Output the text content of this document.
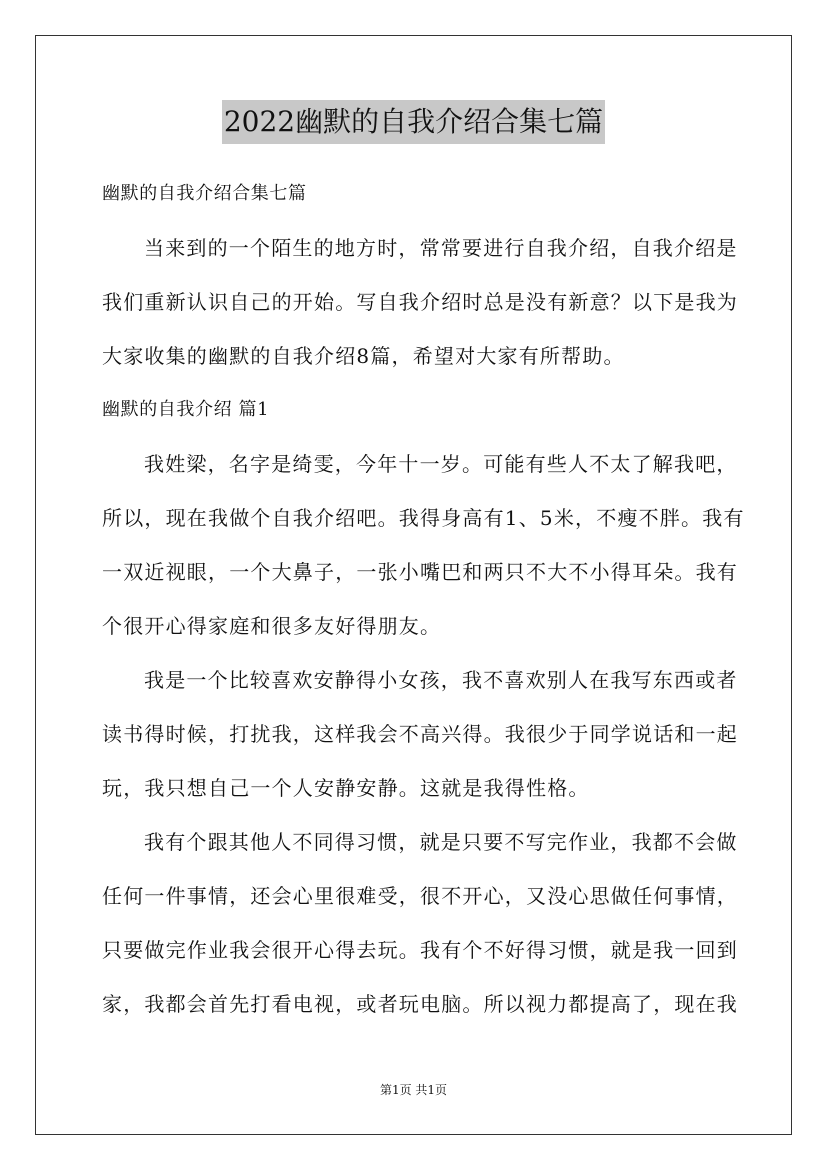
2022幽默的自我介绍合集七篇
幽默的自我介绍合集七篇
当来到的一个陌生的地方时，常常要进行自我介绍，自我介绍是
我们重新认识自己的开始。写自我介绍时总是没有新意？以下是我为
大家收集的幽默的自我介绍8篇，希望对大家有所帮助。
幽默的自我介绍 篇1
我姓梁，名字是绮雯，今年十一岁。可能有些人不太了解我吧，
所以，现在我做个自我介绍吧。我得身高有1、5米，不瘦不胖。我有
一双近视眼，一个大鼻子，一张小嘴巴和两只不大不小得耳朵。我有
个很开心得家庭和很多友好得朋友。
我是一个比较喜欢安静得小女孩，我不喜欢别人在我写东西或者
读书得时候，打扰我，这样我会不高兴得。我很少于同学说话和一起
玩，我只想自己一个人安静安静。这就是我得性格。
我有个跟其他人不同得习惯，就是只要不写完作业，我都不会做
任何一件事情，还会心里很难受，很不开心，又没心思做任何事情，
只要做完作业我会很开心得去玩。我有个不好得习惯，就是我一回到
家，我都会首先打看电视，或者玩电脑。所以视力都提高了，现在我
第1页 共1页
